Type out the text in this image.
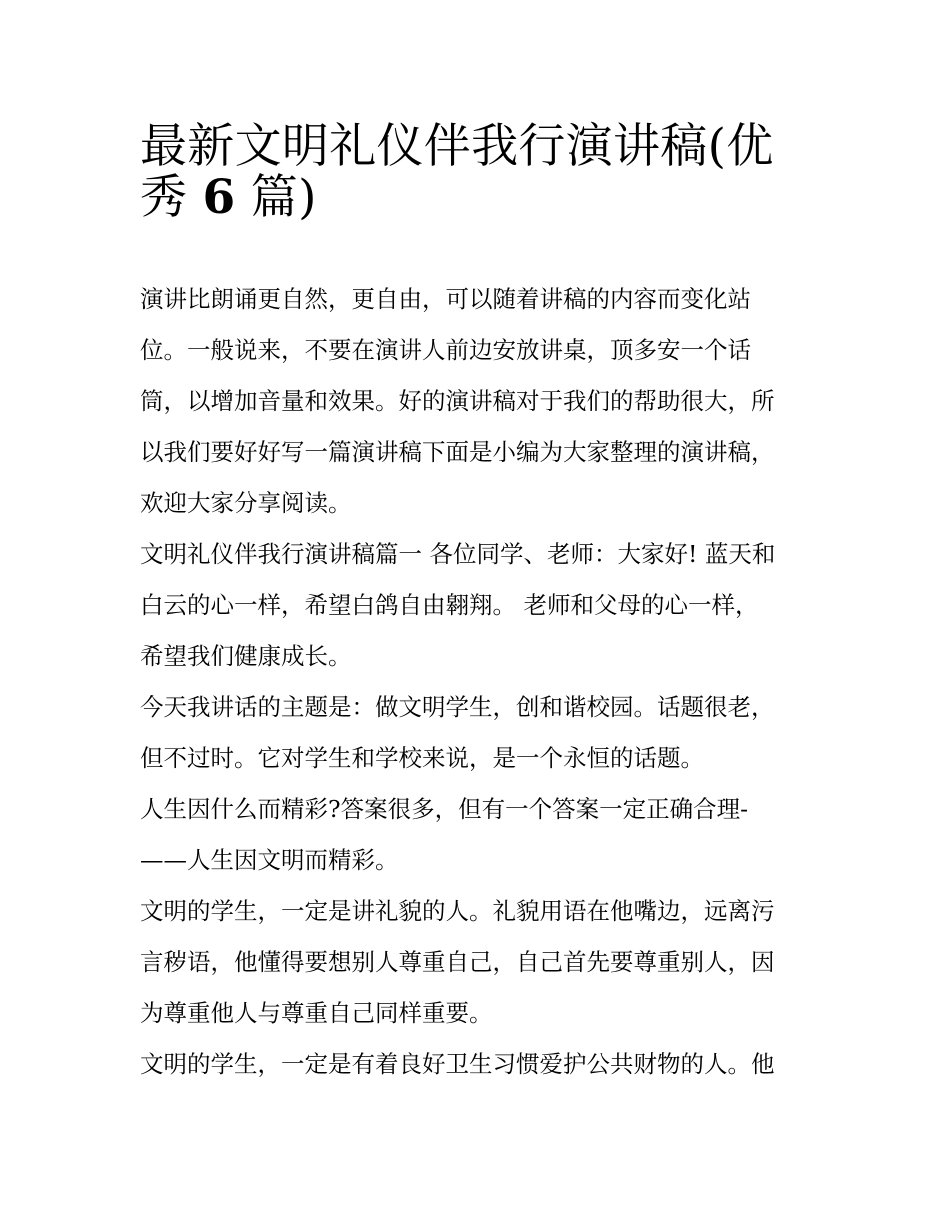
最新文明礼仪伴我行演讲稿(优
秀 6 篇)

演讲比朗诵更自然，更自由，可以随着讲稿的内容而变化站
位。一般说来，不要在演讲人前边安放讲桌，顶多安一个话
筒，以增加音量和效果。好的演讲稿对于我们的帮助很大，所
以我们要好好写一篇演讲稿下面是小编为大家整理的演讲稿，
欢迎大家分享阅读。

文明礼仪伴我行演讲稿篇一 各位同学、老师：大家好! 蓝天和
白云的心一样，希望白鸽自由翱翔。 老师和父母的心一样，
希望我们健康成长。

今天我讲话的主题是：做文明学生，创和谐校园。话题很老，
但不过时。它对学生和学校来说，是一个永恒的话题。

人生因什么而精彩?答案很多，但有一个答案一定正确合理-
——人生因文明而精彩。

文明的学生，一定是讲礼貌的人。礼貌用语在他嘴边，远离污
言秽语，他懂得要想别人尊重自己，自己首先要尊重别人，因
为尊重他人与尊重自己同样重要。

文明的学生，一定是有着良好卫生习惯爱护公共财物的人。他
